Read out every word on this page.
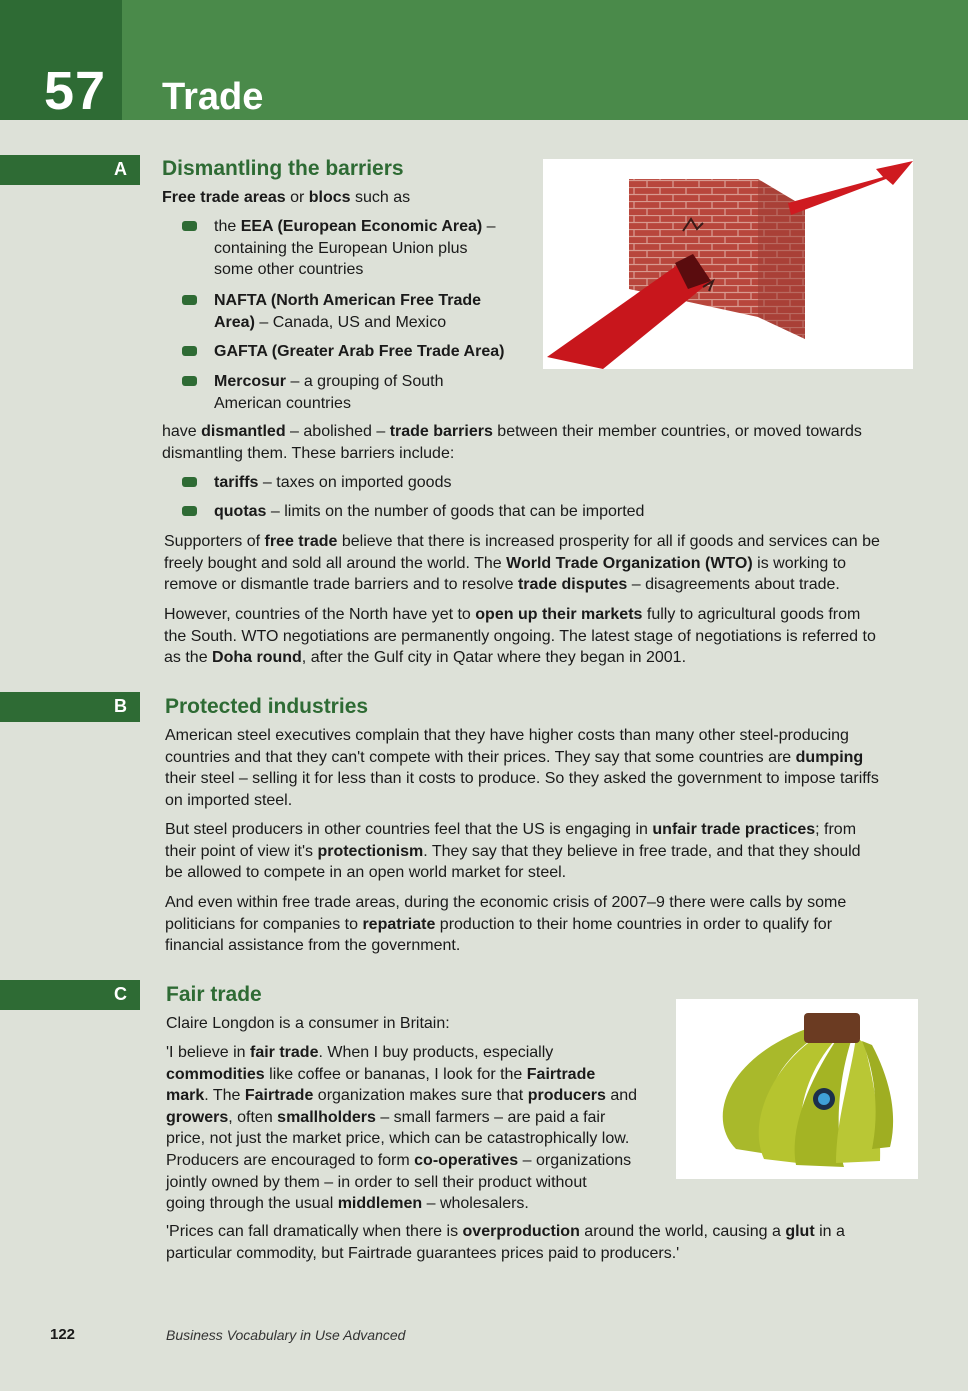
57 Trade
A Dismantling the barriers
Free trade areas or blocs such as
the EEA (European Economic Area) –
containing the European Union plus
some other countries
NAFTA (North American Free Trade
Area) – Canada, US and Mexico
GAFTA (Greater Arab Free Trade Area)
Mercosur – a grouping of South
American countries
have dismantled – abolished – trade barriers between their member countries, or moved towards
dismantling them. These barriers include:
tariffs – taxes on imported goods
quotas – limits on the number of goods that can be imported
Supporters of free trade believe that there is increased prosperity for all if goods and services can be
freely bought and sold all around the world. The World Trade Organization (WTO) is working to
remove or dismantle trade barriers and to resolve trade disputes – disagreements about trade.
However, countries of the North have yet to open up their markets fully to agricultural goods from
the South. WTO negotiations are permanently ongoing. The latest stage of negotiations is referred to
as the Doha round, after the Gulf city in Qatar where they began in 2001.
B Protected industries
American steel executives complain that they have higher costs than many other steel-producing
countries and that they can't compete with their prices. They say that some countries are dumping
their steel – selling it for less than it costs to produce. So they asked the government to impose tariffs
on imported steel.
But steel producers in other countries feel that the US is engaging in unfair trade practices; from
their point of view it's protectionism. They say that they believe in free trade, and that they should
be allowed to compete in an open world market for steel.
And even within free trade areas, during the economic crisis of 2007–9 there were calls by some
politicians for companies to repatriate production to their home countries in order to qualify for
financial assistance from the government.
C Fair trade
Claire Longdon is a consumer in Britain:
'I believe in fair trade. When I buy products, especially
commodities like coffee or bananas, I look for the Fairtrade
mark. The Fairtrade organization makes sure that producers and
growers, often smallholders – small farmers – are paid a fair
price, not just the market price, which can be catastrophically low.
Producers are encouraged to form co-operatives – organizations
jointly owned by them – in order to sell their product without
going through the usual middlemen – wholesalers.
'Prices can fall dramatically when there is overproduction around the world, causing a glut in a
particular commodity, but Fairtrade guarantees prices paid to producers.'
122	Business Vocabulary in Use Advanced
